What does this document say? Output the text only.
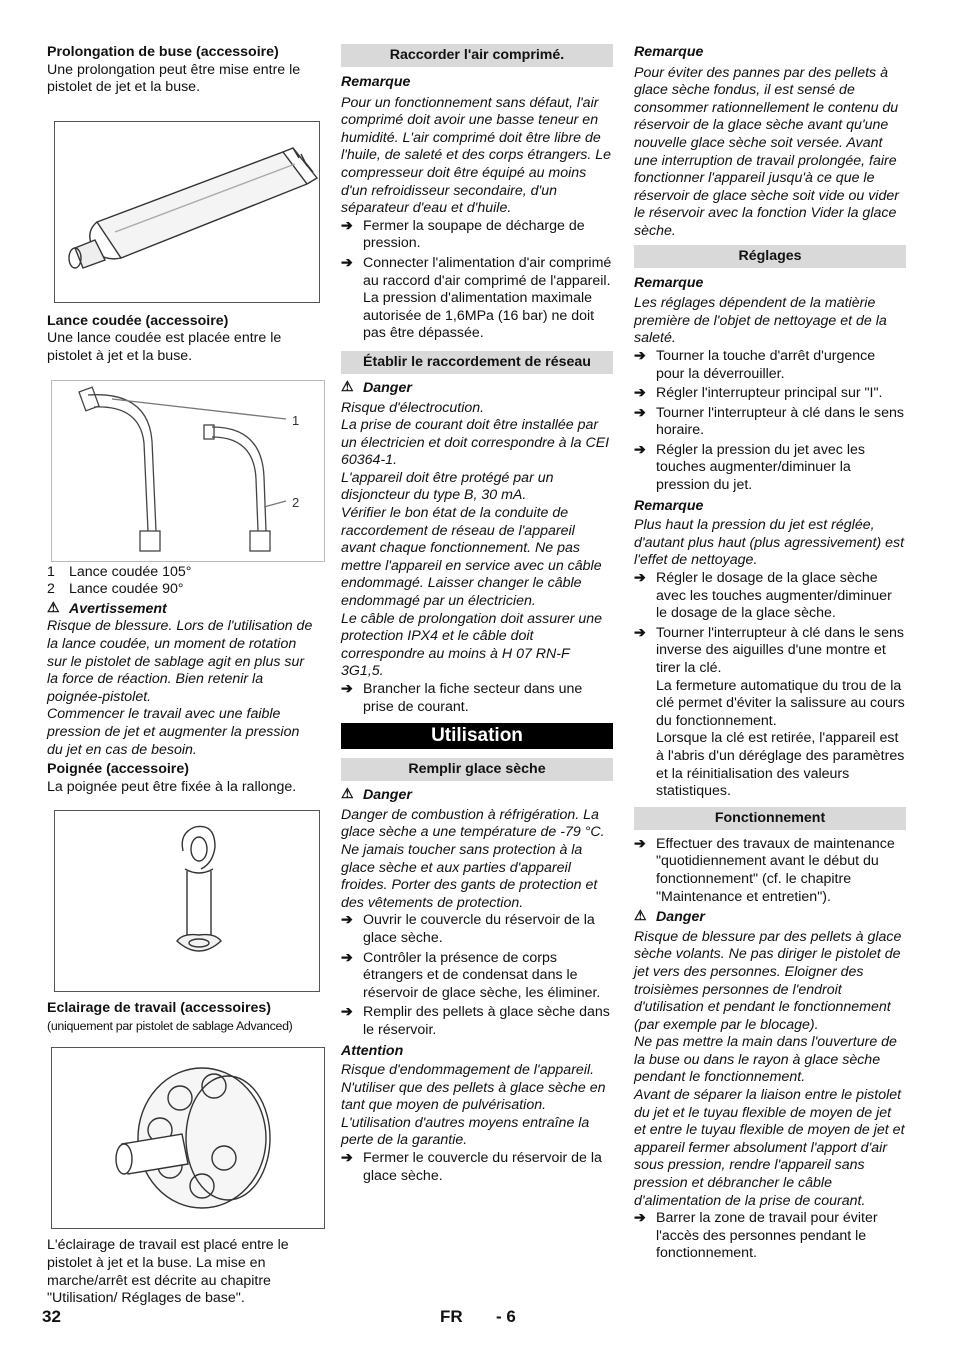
Prolongation de buse (accessoire)

Une prolongation peut être mise entre le pistolet de jet et la buse.

Lance coudée (accessoire)

Une lance coudée est placée entre le pistolet à jet et la buse.

1
2
1 Lance coudée 105°
2 Lance coudée 90°
⚠ Avertissement

Risque de blessure. Lors de l'utilisation de la lance coudée, un moment de rotation sur le pistolet de sablage agit en plus sur la force de réaction. Bien retenir la poignée-pistolet.

Commencer le travail avec une faible pression de jet et augmenter la pression du jet en cas de besoin.

Poignée (accessoire)

La poignée peut être fixée à la rallonge.

Eclairage de travail (accessoires)

(uniquement par pistolet de sablage Advanced)

L'éclairage de travail est placé entre le pistolet à jet et la buse. La mise en marche/arrêt est décrite au chapitre "Utilisation/ Réglages de base".

Raccorder l'air comprimé.

Remarque

Pour un fonctionnement sans défaut, l'air comprimé doit avoir une basse teneur en humidité. L'air comprimé doit être libre de l'huile, de saleté et des corps étrangers. Le compresseur doit être équipé au moins d'un refroidisseur secondaire, d'un séparateur d'eau et d'huile.

➔ Fermer la soupape de décharge de pression.
➔ Connecter l'alimentation d'air comprimé au raccord d'air comprimé de l'appareil.

La pression d'alimentation maximale autorisée de 1,6MPa (16 bar) ne doit pas être dépassée.

Établir le raccordement de réseau
⚠ Danger

Risque d'électrocution.

La prise de courant doit être installée par un électricien et doit correspondre à la CEI 60364-1.

L'appareil doit être protégé par un disjoncteur du type B, 30 mA.

Vérifier le bon état de la conduite de raccordement de réseau de l'appareil avant chaque fonctionnement. Ne pas mettre l'appareil en service avec un câble endommagé. Laisser changer le câble endommagé par un électricien.

Le câble de prolongation doit assurer une protection IPX4 et le câble doit correspondre au moins à H 07 RN-F 3G1,5.

➔ Brancher la fiche secteur dans une prise de courant.
Utilisation
Remplir glace sèche
⚠ Danger

Danger de combustion à réfrigération. La glace sèche a une température de -79 °C. Ne jamais toucher sans protection à la glace sèche et aux parties d'appareil froides. Porter des gants de protection et des vêtements de protection.

➔ Ouvrir le couvercle du réservoir de la glace sèche.
➔ Contrôler la présence de corps étrangers et de condensat dans le réservoir de glace sèche, les éliminer.
➔ Remplir des pellets à glace sèche dans le réservoir.

Attention

Risque d'endommagement de l'appareil. N'utiliser que des pellets à glace sèche en tant que moyen de pulvérisation. L'utilisation d'autres moyens entraîne la perte de la garantie.

➔ Fermer le couvercle du réservoir de la glace sèche.

Remarque

Pour éviter des pannes par des pellets à glace sèche fondus, il est sensé de consommer rationnellement le contenu du réservoir de la glace sèche avant qu'une nouvelle glace sèche soit versée. Avant une interruption de travail prolongée, faire fonctionner l'appareil jusqu'à ce que le réservoir de glace sèche soit vide ou vider le réservoir avec la fonction Vider la glace sèche.

Réglages

Remarque

Les réglages dépendent de la matièrie première de l'objet de nettoyage et de la saleté.

➔ Tourner la touche d'arrêt d'urgence pour la déverrouiller.
➔ Régler l'interrupteur principal sur "I".
➔ Tourner l'interrupteur à clé dans le sens horaire.
➔ Régler la pression du jet avec les touches augmenter/diminuer la pression du jet.

Remarque

Plus haut la pression du jet est réglée, d'autant plus haut (plus agressivement) est l'effet de nettoyage.

➔ Régler le dosage de la glace sèche avec les touches augmenter/diminuer le dosage de la glace sèche.
➔ Tourner l'interrupteur à clé dans le sens inverse des aiguilles d'une montre et tirer la clé.

La fermeture automatique du trou de la clé permet d'éviter la salissure au cours du fonctionnement.

Lorsque la clé est retirée, l'appareil est à l'abris d'un déréglage des paramètres et la réinitialisation des valeurs statistiques.

Fonctionnement
➔ Effectuer des travaux de maintenance "quotidiennement avant le début du fonctionnement" (cf. le chapitre "Maintenance et entretien").
⚠ Danger

Risque de blessure par des pellets à glace sèche volants. Ne pas diriger le pistolet de jet vers des personnes. Eloigner des troisièmes personnes de l'endroit d'utilisation et pendant le fonctionnement (par exemple par le blocage).

Ne pas mettre la main dans l'ouverture de la buse ou dans le rayon à glace sèche pendant le fonctionnement.

Avant de séparer la liaison entre le pistolet du jet et le tuyau flexible de moyen de jet et entre le tuyau flexible de moyen de jet et appareil fermer absolument l'apport d'air sous pression, rendre l'appareil sans pression et débrancher le câble d'alimentation de la prise de courant.

➔ Barrer la zone de travail pour éviter l'accès des personnes pendant le fonctionnement.
32	FR - 6
